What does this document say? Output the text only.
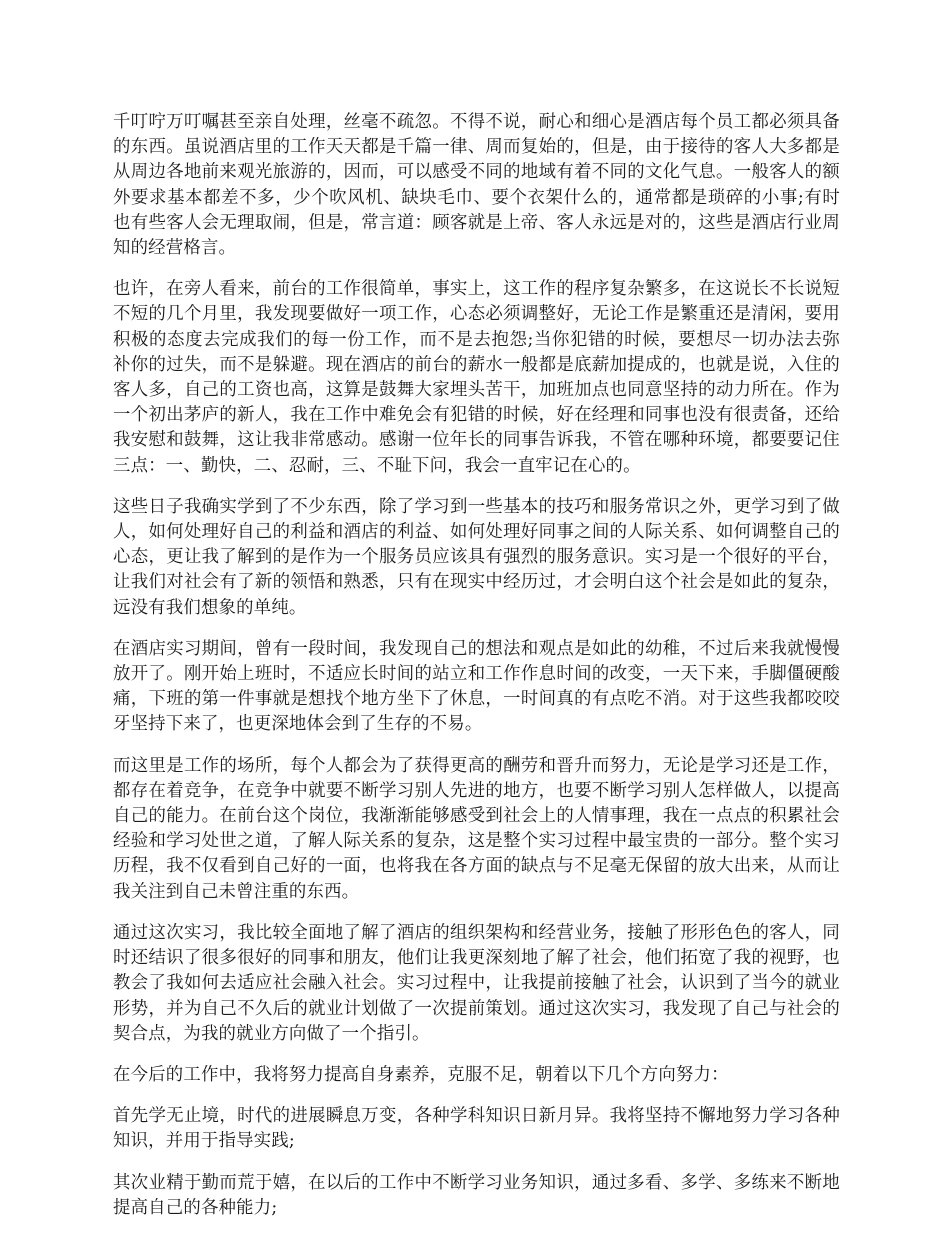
千叮咛万叮嘱甚至亲自处理，丝毫不疏忽。不得不说，耐心和细心是酒店每个员工都必须具备的东西。虽说酒店里的工作天天都是千篇一律、周而复始的，但是，由于接待的客人大多都是从周边各地前来观光旅游的，因而，可以感受不同的地域有着不同的文化气息。一般客人的额外要求基本都差不多，少个吹风机、缺块毛巾、要个衣架什么的，通常都是琐碎的小事;有时也有些客人会无理取闹，但是，常言道：顾客就是上帝、客人永远是对的，这些是酒店行业周知的经营格言。

也许，在旁人看来，前台的工作很简单，事实上，这工作的程序复杂繁多，在这说长不长说短不短的几个月里，我发现要做好一项工作，心态必须调整好，无论工作是繁重还是清闲，要用积极的态度去完成我们的每一份工作，而不是去抱怨;当你犯错的时候，要想尽一切办法去弥补你的过失，而不是躲避。现在酒店的前台的薪水一般都是底薪加提成的，也就是说，入住的客人多，自己的工资也高，这算是鼓舞大家埋头苦干，加班加点也同意坚持的动力所在。作为一个初出茅庐的新人，我在工作中难免会有犯错的时候，好在经理和同事也没有很责备，还给我安慰和鼓舞，这让我非常感动。感谢一位年长的同事告诉我，不管在哪种环境，都要要记住三点：一、勤快，二、忍耐，三、不耻下问，我会一直牢记在心的。

这些日子我确实学到了不少东西，除了学习到一些基本的技巧和服务常识之外，更学习到了做人，如何处理好自己的利益和酒店的利益、如何处理好同事之间的人际关系、如何调整自己的心态，更让我了解到的是作为一个服务员应该具有强烈的服务意识。实习是一个很好的平台，让我们对社会有了新的领悟和熟悉，只有在现实中经历过，才会明白这个社会是如此的复杂，远没有我们想象的单纯。

在酒店实习期间，曾有一段时间，我发现自己的想法和观点是如此的幼稚，不过后来我就慢慢放开了。刚开始上班时，不适应长时间的站立和工作作息时间的改变，一天下来，手脚僵硬酸痛，下班的第一件事就是想找个地方坐下了休息，一时间真的有点吃不消。对于这些我都咬咬牙坚持下来了，也更深地体会到了生存的不易。

而这里是工作的场所，每个人都会为了获得更高的酬劳和晋升而努力，无论是学习还是工作，都存在着竞争，在竞争中就要不断学习别人先进的地方，也要不断学习别人怎样做人，以提高自己的能力。在前台这个岗位，我渐渐能够感受到社会上的人情事理，我在一点点的积累社会经验和学习处世之道，了解人际关系的复杂，这是整个实习过程中最宝贵的一部分。整个实习历程，我不仅看到自己好的一面，也将我在各方面的缺点与不足毫无保留的放大出来，从而让我关注到自己未曾注重的东西。

通过这次实习，我比较全面地了解了酒店的组织架构和经营业务，接触了形形色色的客人，同时还结识了很多很好的同事和朋友，他们让我更深刻地了解了社会，他们拓宽了我的视野，也教会了我如何去适应社会融入社会。实习过程中，让我提前接触了社会，认识到了当今的就业形势，并为自己不久后的就业计划做了一次提前策划。通过这次实习，我发现了自己与社会的契合点，为我的就业方向做了一个指引。

在今后的工作中，我将努力提高自身素养，克服不足，朝着以下几个方向努力：

首先学无止境，时代的进展瞬息万变，各种学科知识日新月异。我将坚持不懈地努力学习各种知识，并用于指导实践;

其次业精于勤而荒于嬉，在以后的工作中不断学习业务知识，通过多看、多学、多练来不断地提高自己的各种能力;
